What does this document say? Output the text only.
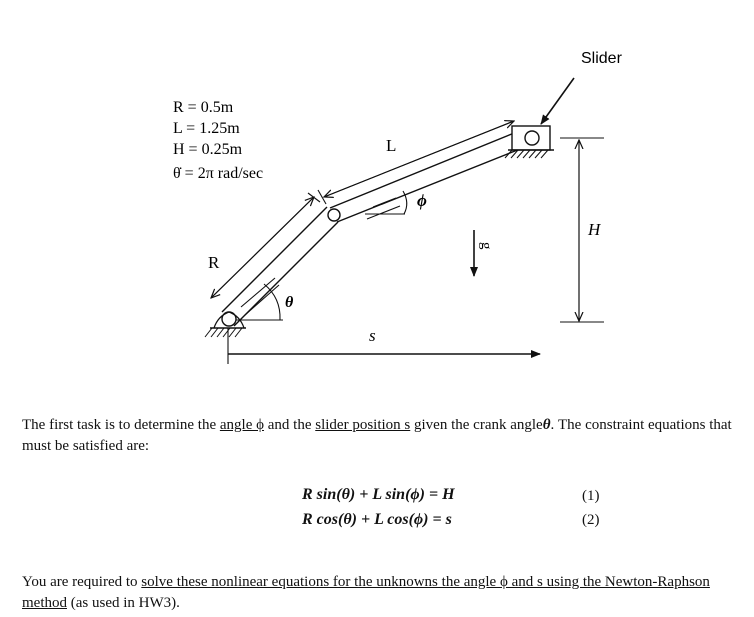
Slider
R = 0.5m
L = 1.25m
H = 0.25m
θ̇ = 2π rad/sec
L
R
ϕ
θ
g
H
s
The first task is to determine the angle ϕ and the slider position s given the crank angleθ. The constraint equations that must be satisfied are:
R sin(θ) + L sin(ϕ) = H	(1)
R cos(θ) + L cos(ϕ) = s	(2)
You are required to solve these nonlinear equations for the unknowns the angle ϕ and s using the Newton-Raphson method (as used in HW3).
